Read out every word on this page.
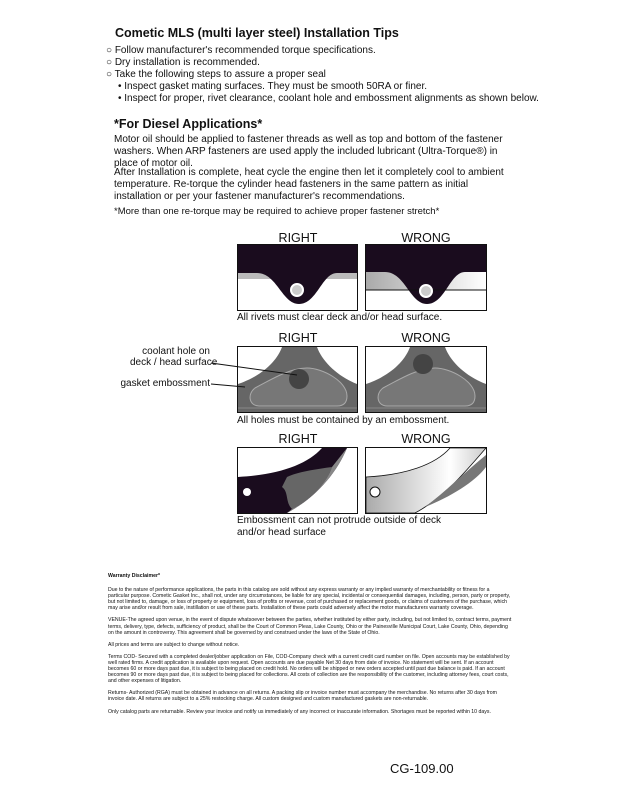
Cometic MLS (multi layer steel) Installation Tips
○ Follow manufacturer's recommended torque specifications.
○ Dry installation is recommended.
○ Take the following steps to assure a proper seal
• Inspect gasket mating surfaces. They must be smooth 50RA or finer.
• Inspect for proper, rivet clearance, coolant hole and embossment alignments as shown below.
*For Diesel Applications*
Motor oil should be applied to fastener threads as well as top and bottom of the fastener washers. When ARP fasteners are used apply the included lubricant (Ultra-Torque®) in place of motor oil.
After Installation is complete, heat cycle the engine then let it completely cool to ambient temperature. Re-torque the cylinder head fasteners in the same pattern as initial installation or per your fastener manufacturer's recommendations.
*More than one re-torque may be required to achieve proper fastener stretch*
RIGHT	WRONG
All rivets must clear deck and/or head surface.
RIGHT	WRONG
coolant hole on
deck / head surface
gasket embossment
All holes must be contained by an embossment.
RIGHT	WRONG
Embossment can not protrude outside of deck
and/or head surface

Warranty Disclaimer*

Due to the nature of performance applications, the parts in this catalog are sold without any express warranty or any implied warranty of merchantability or fitness for a particular purpose. Cometic Gasket Inc., shall not, under any circumstances, be liable for any special, incidental or consequential damages, including, person, party or property, but not limited to, damage, or loss of property or equipment, loss of profits or revenue, cost of purchased or replacement goods, or claims of customers of the purchase, which may arise and/or result from sale, instillation or use of these parts. Installation of these parts could adversely affect the motor manufacturers warranty coverage.

VENUE-The agreed upon venue, in the event of dispute whatsoever between the parties, whether instituted by either party, including, but not limited to, contract terms, payment terms, delivery, type, defects, sufficiency of product, shall be the Court of Common Pleas, Lake County, Ohio or the Painesville Municipal Court, Lake County, Ohio, depending on the amount in controversy. This agreement shall be governed by and construed under the laws of the State of Ohio.

All prices and terms are subject to change without notice.

Terms COD- Secured with a completed dealer/jobber application on File, COD-Company check with a current credit card number on file. Open accounts may be established by well rated firms. A credit application is available upon request. Open accounts are due payable Net 30 days from date of invoice. No statement will be sent. If an account becomes 60 or more days past due, it is subject to being placed on credit hold. No orders will be shipped or new orders accepted until past due balance is paid. If an account becomes 90 or more days past due, it is subject to being placed for collections. All costs of collection are the responsibility of the customer, including attorney fees, court costs, and other expenses of litigation.

Returns- Authorized (RGA) must be obtained in advance on all returns. A packing slip or invoice number must accompany the merchandise. No returns after 30 days from invoice date. All returns are subject to a 25% restocking charge. All custom designed and custom manufactured gaskets are non-returnable.

Only catalog parts are returnable. Review your invoice and notify us immediately of any incorrect or inaccurate information. Shortages must be reported within 10 days.

CG-109.00
